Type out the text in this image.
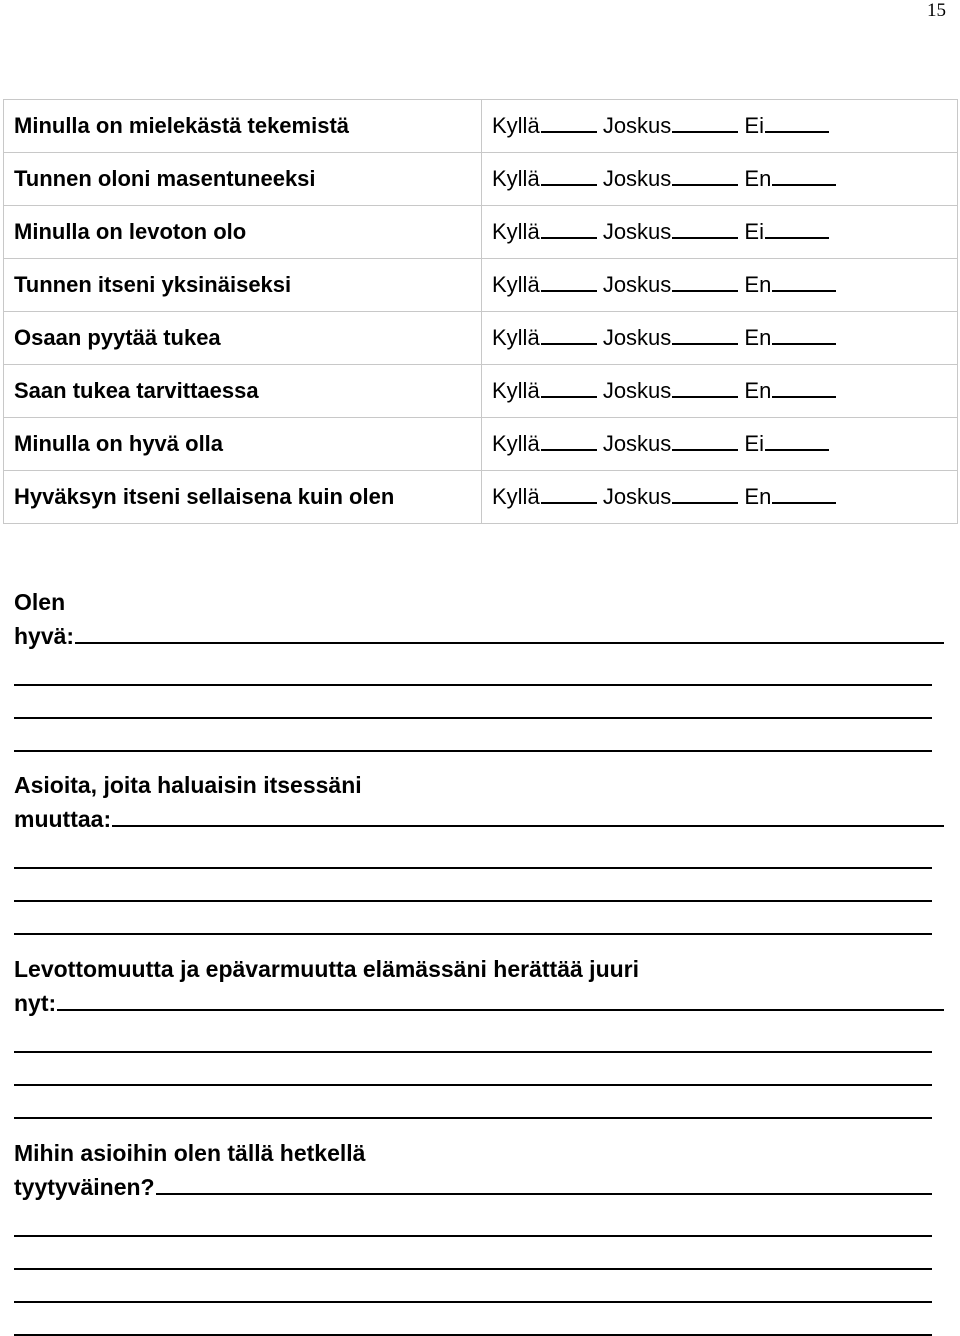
15
Minulla on mielekästä tekemistä	Kyllä Joskus Ei
Tunnen oloni masentuneeksi	Kyllä Joskus En
Minulla on levoton olo	Kyllä Joskus Ei
Tunnen itseni yksinäiseksi	Kyllä Joskus En
Osaan pyytää tukea	Kyllä Joskus En
Saan tukea tarvittaessa	Kyllä Joskus En
Minulla on hyvä olla	Kyllä Joskus Ei
Hyväksyn itseni sellaisena kuin olen	Kyllä Joskus En
Olen
hyvä:
Asioita, joita haluaisin itsessäni
muuttaa:
Levottomuutta ja epävarmuutta elämässäni herättää juuri
nyt:
Mihin asioihin olen tällä hetkellä
tyytyväinen?
